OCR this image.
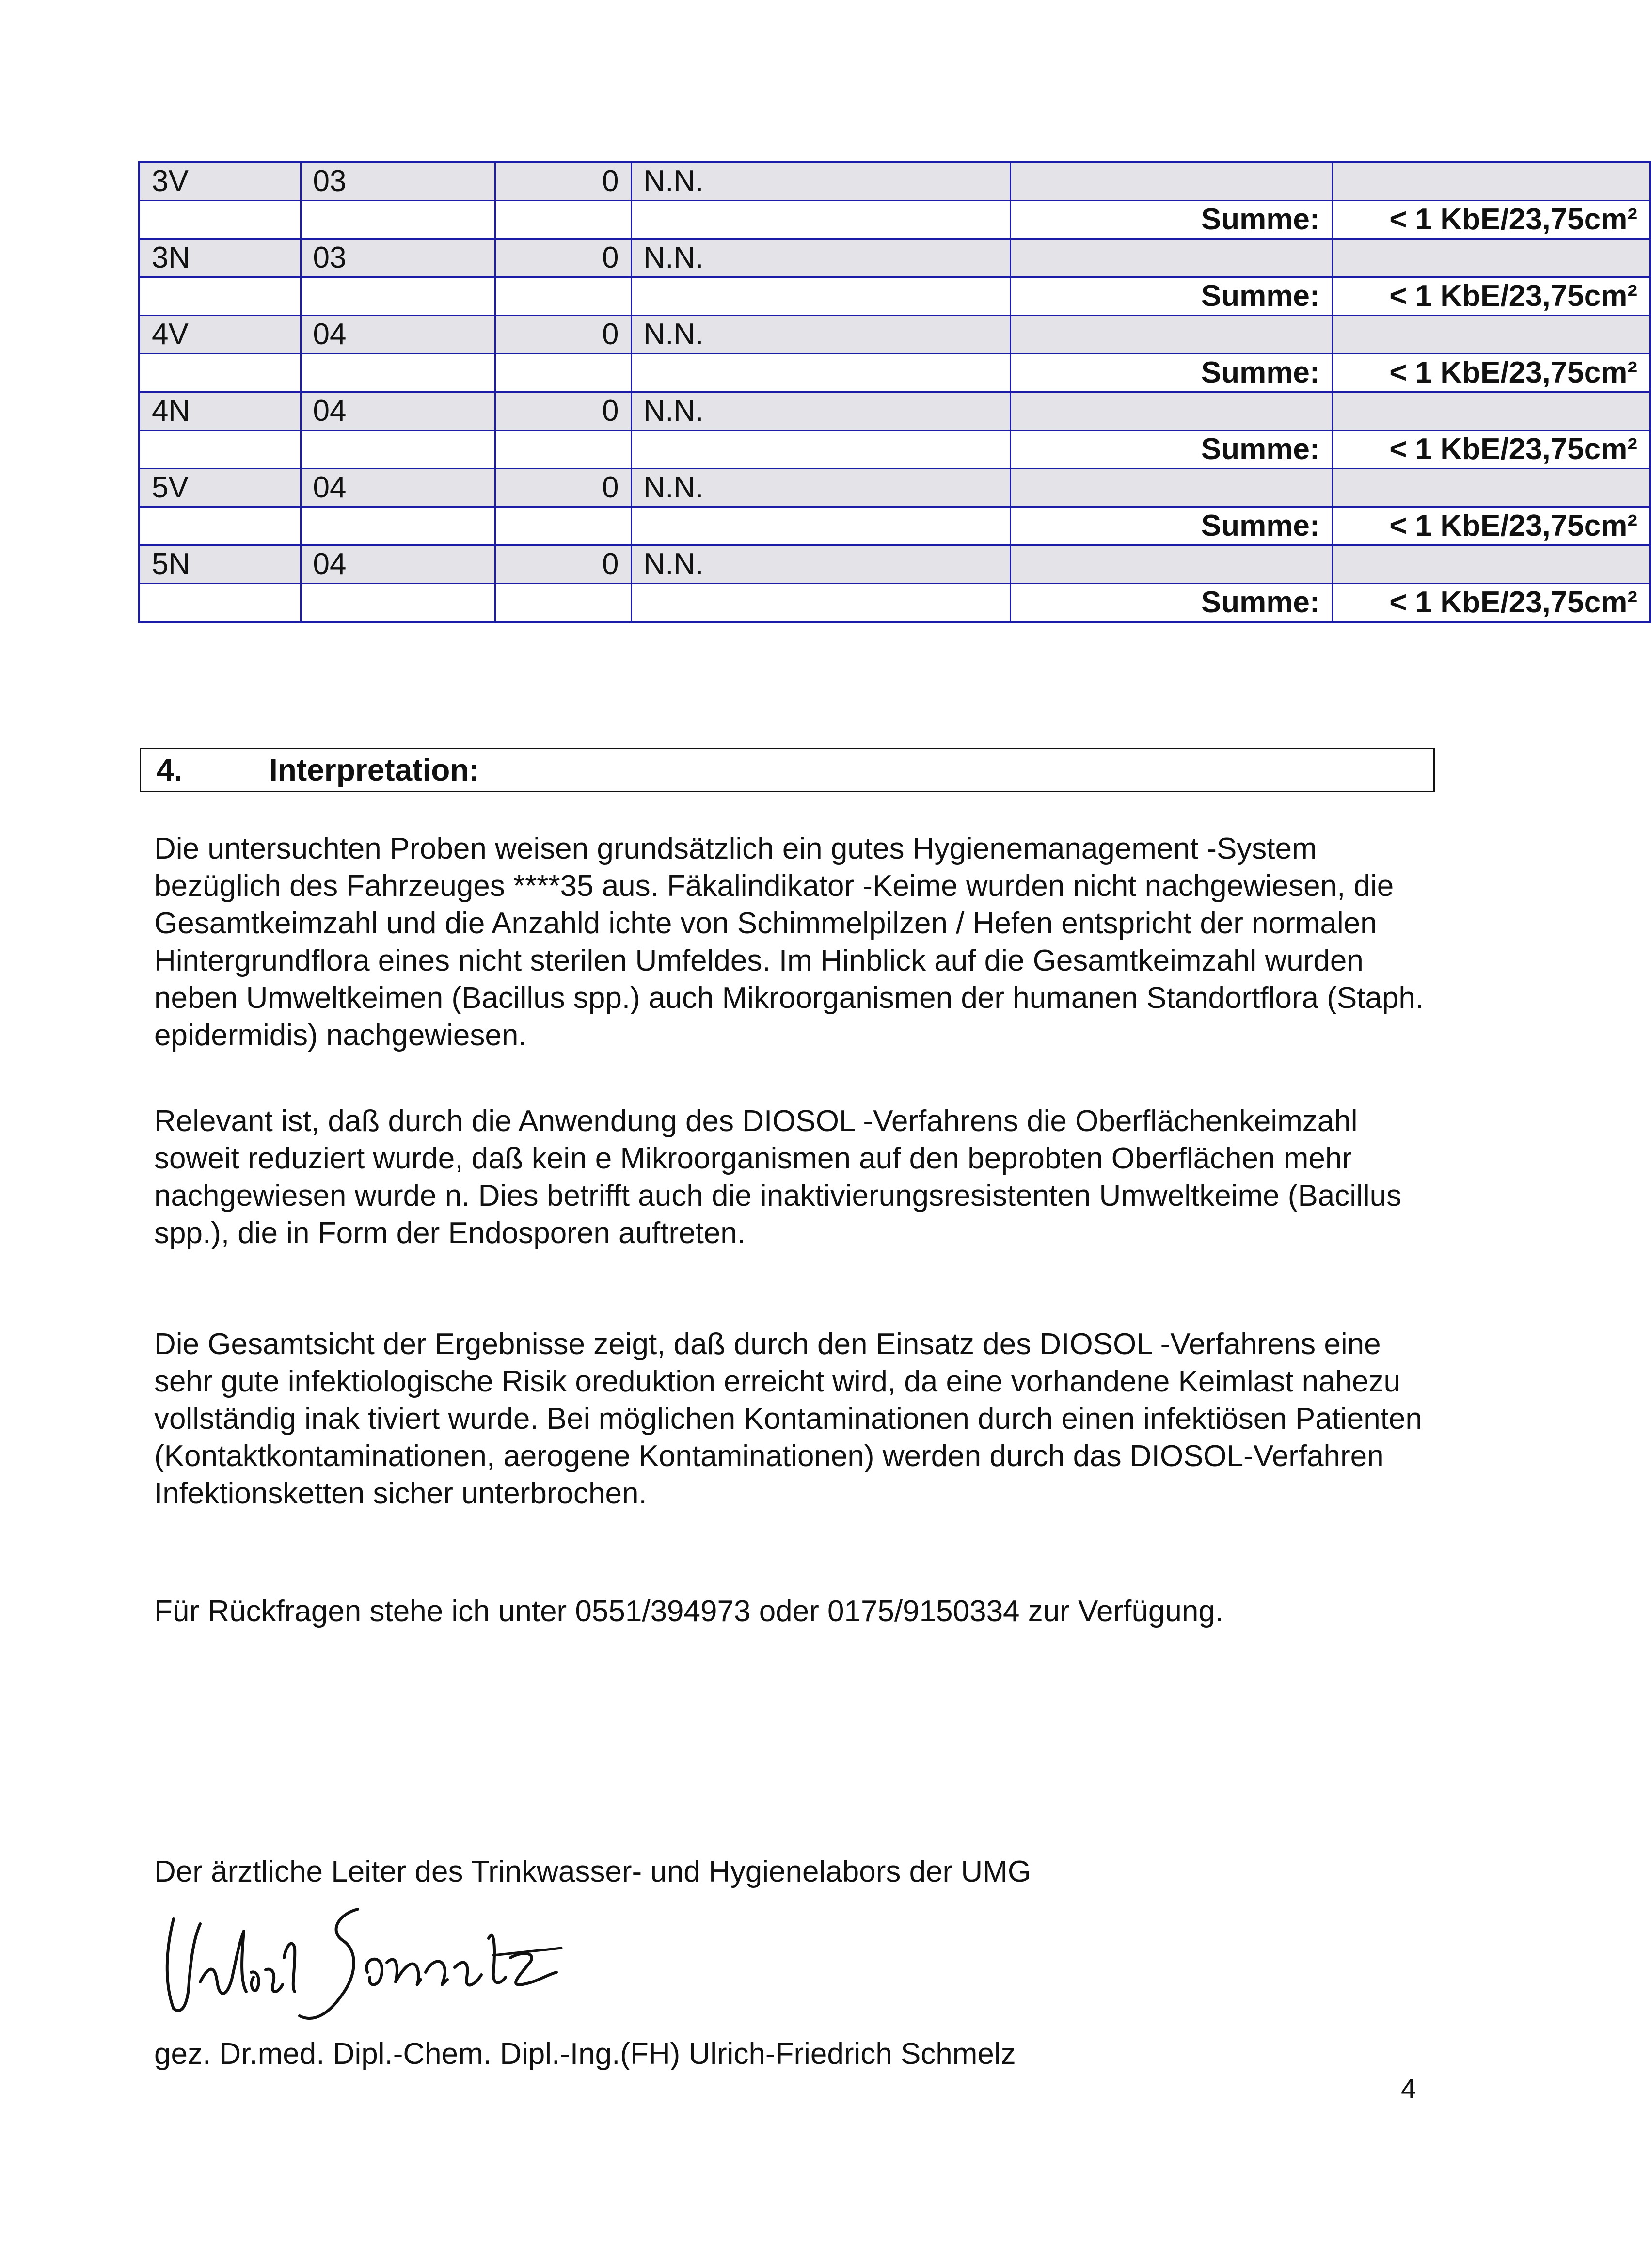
3V	03	0	N.N.		
				Summe:	< 1 KbE/23,75cm²
3N	03	0	N.N.		
				Summe:	< 1 KbE/23,75cm²
4V	04	0	N.N.		
				Summe:	< 1 KbE/23,75cm²
4N	04	0	N.N.		
				Summe:	< 1 KbE/23,75cm²
5V	04	0	N.N.		
				Summe:	< 1 KbE/23,75cm²
5N	04	0	N.N.		
				Summe:	< 1 KbE/23,75cm²
4.	Interpretation:

Die untersuchten Proben weisen grundsätzlich ein gutes Hygienemanagement -System bezüglich des Fahrzeuges ****35 aus. Fäkalindikator -Keime wurden nicht nachgewiesen, die Gesamtkeimzahl und die Anzahld ichte von Schimmelpilzen / Hefen entspricht der normalen Hintergrundflora eines nicht sterilen Umfeldes. Im Hinblick auf die Gesamtkeimzahl wurden neben Umweltkeimen (Bacillus spp.) auch Mikroorganismen der humanen Standortflora (Staph. epidermidis) nachgewiesen.

Relevant ist, daß durch die Anwendung des DIOSOL -Verfahrens die Oberflächenkeimzahl soweit reduziert wurde, daß kein e Mikroorganismen auf den beprobten Oberflächen mehr nachgewiesen wurde n. Dies betrifft auch die inaktivierungsresistenten Umweltkeime (Bacillus spp.), die in Form der Endosporen auftreten.

Die Gesamtsicht der Ergebnisse zeigt, daß durch den Einsatz des DIOSOL -Verfahrens eine sehr gute infektiologische Risik oreduktion erreicht wird, da eine vorhandene Keimlast nahezu vollständig inak tiviert wurde. Bei möglichen Kontaminationen durch einen infektiösen Patienten (Kontaktkontaminationen, aerogene Kontaminationen) werden durch das DIOSOL-Verfahren Infektionsketten sicher unterbrochen.

Für Rückfragen stehe ich unter 0551/394973 oder 0175/9150334 zur Verfügung.

Der ärztliche Leiter des Trinkwasser- und Hygienelabors der UMG

gez. Dr.med. Dipl.-Chem. Dipl.-Ing.(FH) Ulrich-Friedrich Schmelz

4
